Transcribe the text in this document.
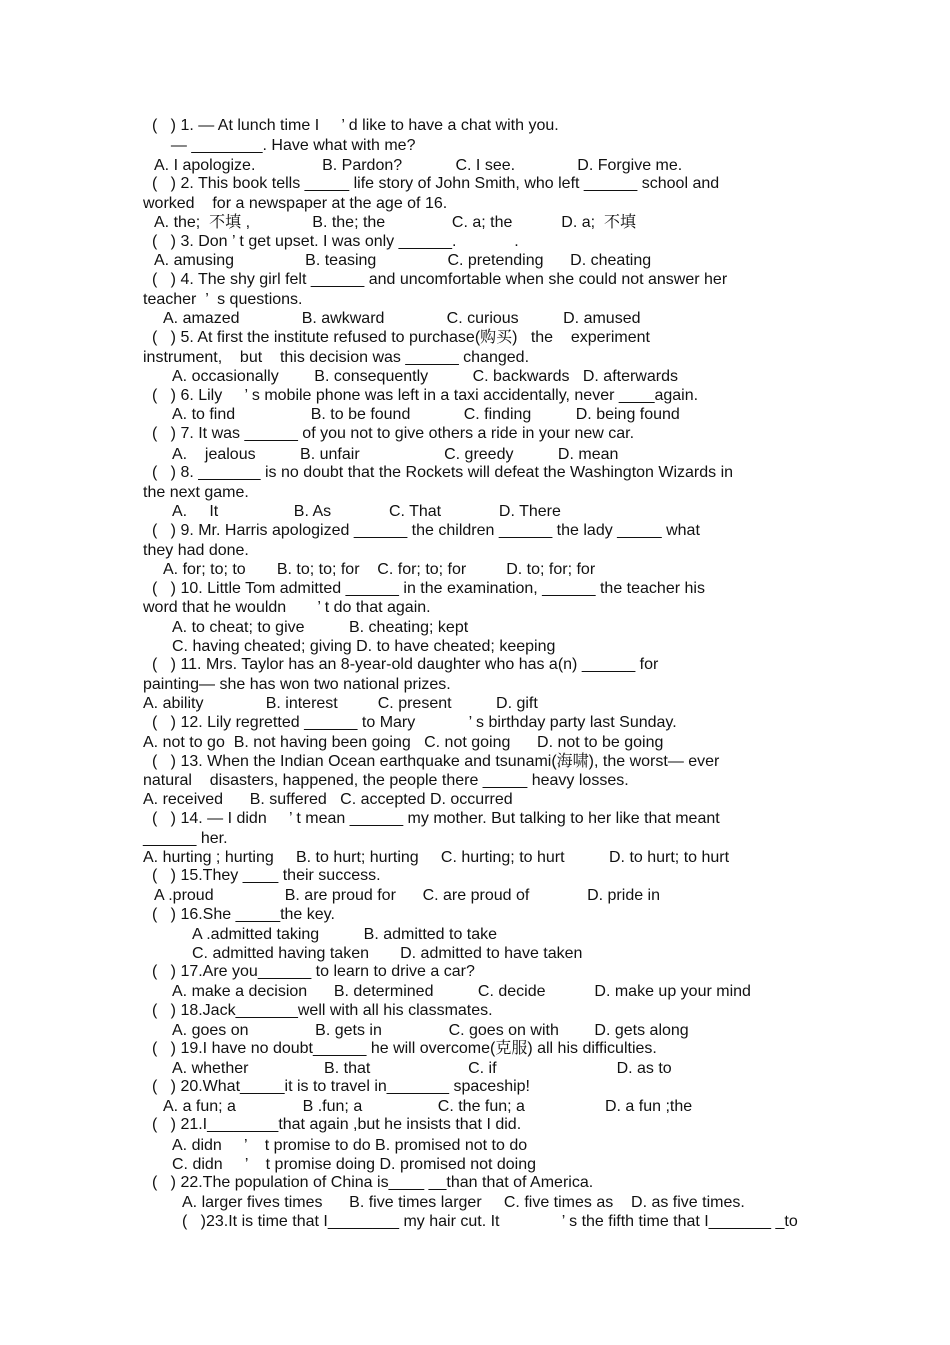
(   ) 1. — At lunch time I     ’ d like to have a chat with you.
— ________. Have what with me?
A. I apologize.               B. Pardon?            C. I see.              D. Forgive me.
(   ) 2. This book tells _____ life story of John Smith, who left ______ school and
worked    for a newspaper at the age of 16.
A. the;  不填 ,              B. the; the               C. a; the           D. a;  不填
(   ) 3. Don ’ t get upset. I was only ______.             .
A. amusing                B. teasing                C. pretending      D. cheating
(   ) 4. The shy girl felt ______ and uncomfortable when she could not answer her
teacher  ’  s questions.
A. amazed              B. awkward              C. curious          D. amused
(   ) 5. At first the institute refused to purchase(购买)   the    experiment
instrument,    but    this decision was ______ changed.
A. occasionally        B. consequently          C. backwards   D. afterwards
(   ) 6. Lily     ’ s mobile phone was left in a taxi accidentally, never ____again.
A. to find                 B. to be found            C. finding          D. being found
(   ) 7. It was ______ of you not to give others a ride in your new car.
A.    jealous          B. unfair                   C. greedy          D. mean
(   ) 8. _______ is no doubt that the Rockets will defeat the Washington Wizards in
the next game.
A.     It                 B. As             C. That             D. There
(   ) 9. Mr. Harris apologized ______ the children ______ the lady _____ what
they had done.
A. for; to; to       B. to; to; for    C. for; to; for         D. to; for; for
(   ) 10. Little Tom admitted ______ in the examination, ______ the teacher his
word that he wouldn       ’ t do that again.
A. to cheat; to give          B. cheating; kept
C. having cheated; giving D. to have cheated; keeping
(   ) 11. Mrs. Taylor has an 8-year-old daughter who has a(n) ______ for
painting— she has won two national prizes.
A. ability              B. interest         C. present          D. gift
(   ) 12. Lily regretted ______ to Mary            ’ s birthday party last Sunday.
A. not to go  B. not having been going   C. not going      D. not to be going
(   ) 13. When the Indian Ocean earthquake and tsunami(海啸), the worst— ever
natural    disasters, happened, the people there _____ heavy losses.
A. received      B. suffered   C. accepted D. occurred
(   ) 14. — I didn     ’ t mean ______ my mother. But talking to her like that meant
______ her.
A. hurting ; hurting     B. to hurt; hurting     C. hurting; to hurt          D. to hurt; to hurt
(   ) 15.They ____ their success.
A .proud                B. are proud for      C. are proud of             D. pride in
(   ) 16.She _____the key.
A .admitted taking          B. admitted to take
C. admitted having taken       D. admitted to have taken
(   ) 17.Are you______ to learn to drive a car?
A. make a decision      B. determined          C. decide           D. make up your mind
(   ) 18.Jack_______well with all his classmates.
A. goes on               B. gets in               C. goes on with        D. gets along
(   ) 19.I have no doubt______ he will overcome(克服) all his difficulties.
A. whether                 B. that                      C. if                           D. as to
(   ) 20.What_____it is to travel in_______ spaceship!
A. a fun; a               B .fun; a                 C. the fun; a                  D. a fun ;the
(   ) 21.I________that again ,but he insists that I did.
A. didn     ’    t promise to do B. promised not to do
C. didn     ’    t promise doing D. promised not doing
(   ) 22.The population of China is____ __than that of America.
A. larger fives times      B. five times larger     C. five times as    D. as five times.
(   )23.It is time that I________ my hair cut. It              ’ s the fifth time that I_______ _to
